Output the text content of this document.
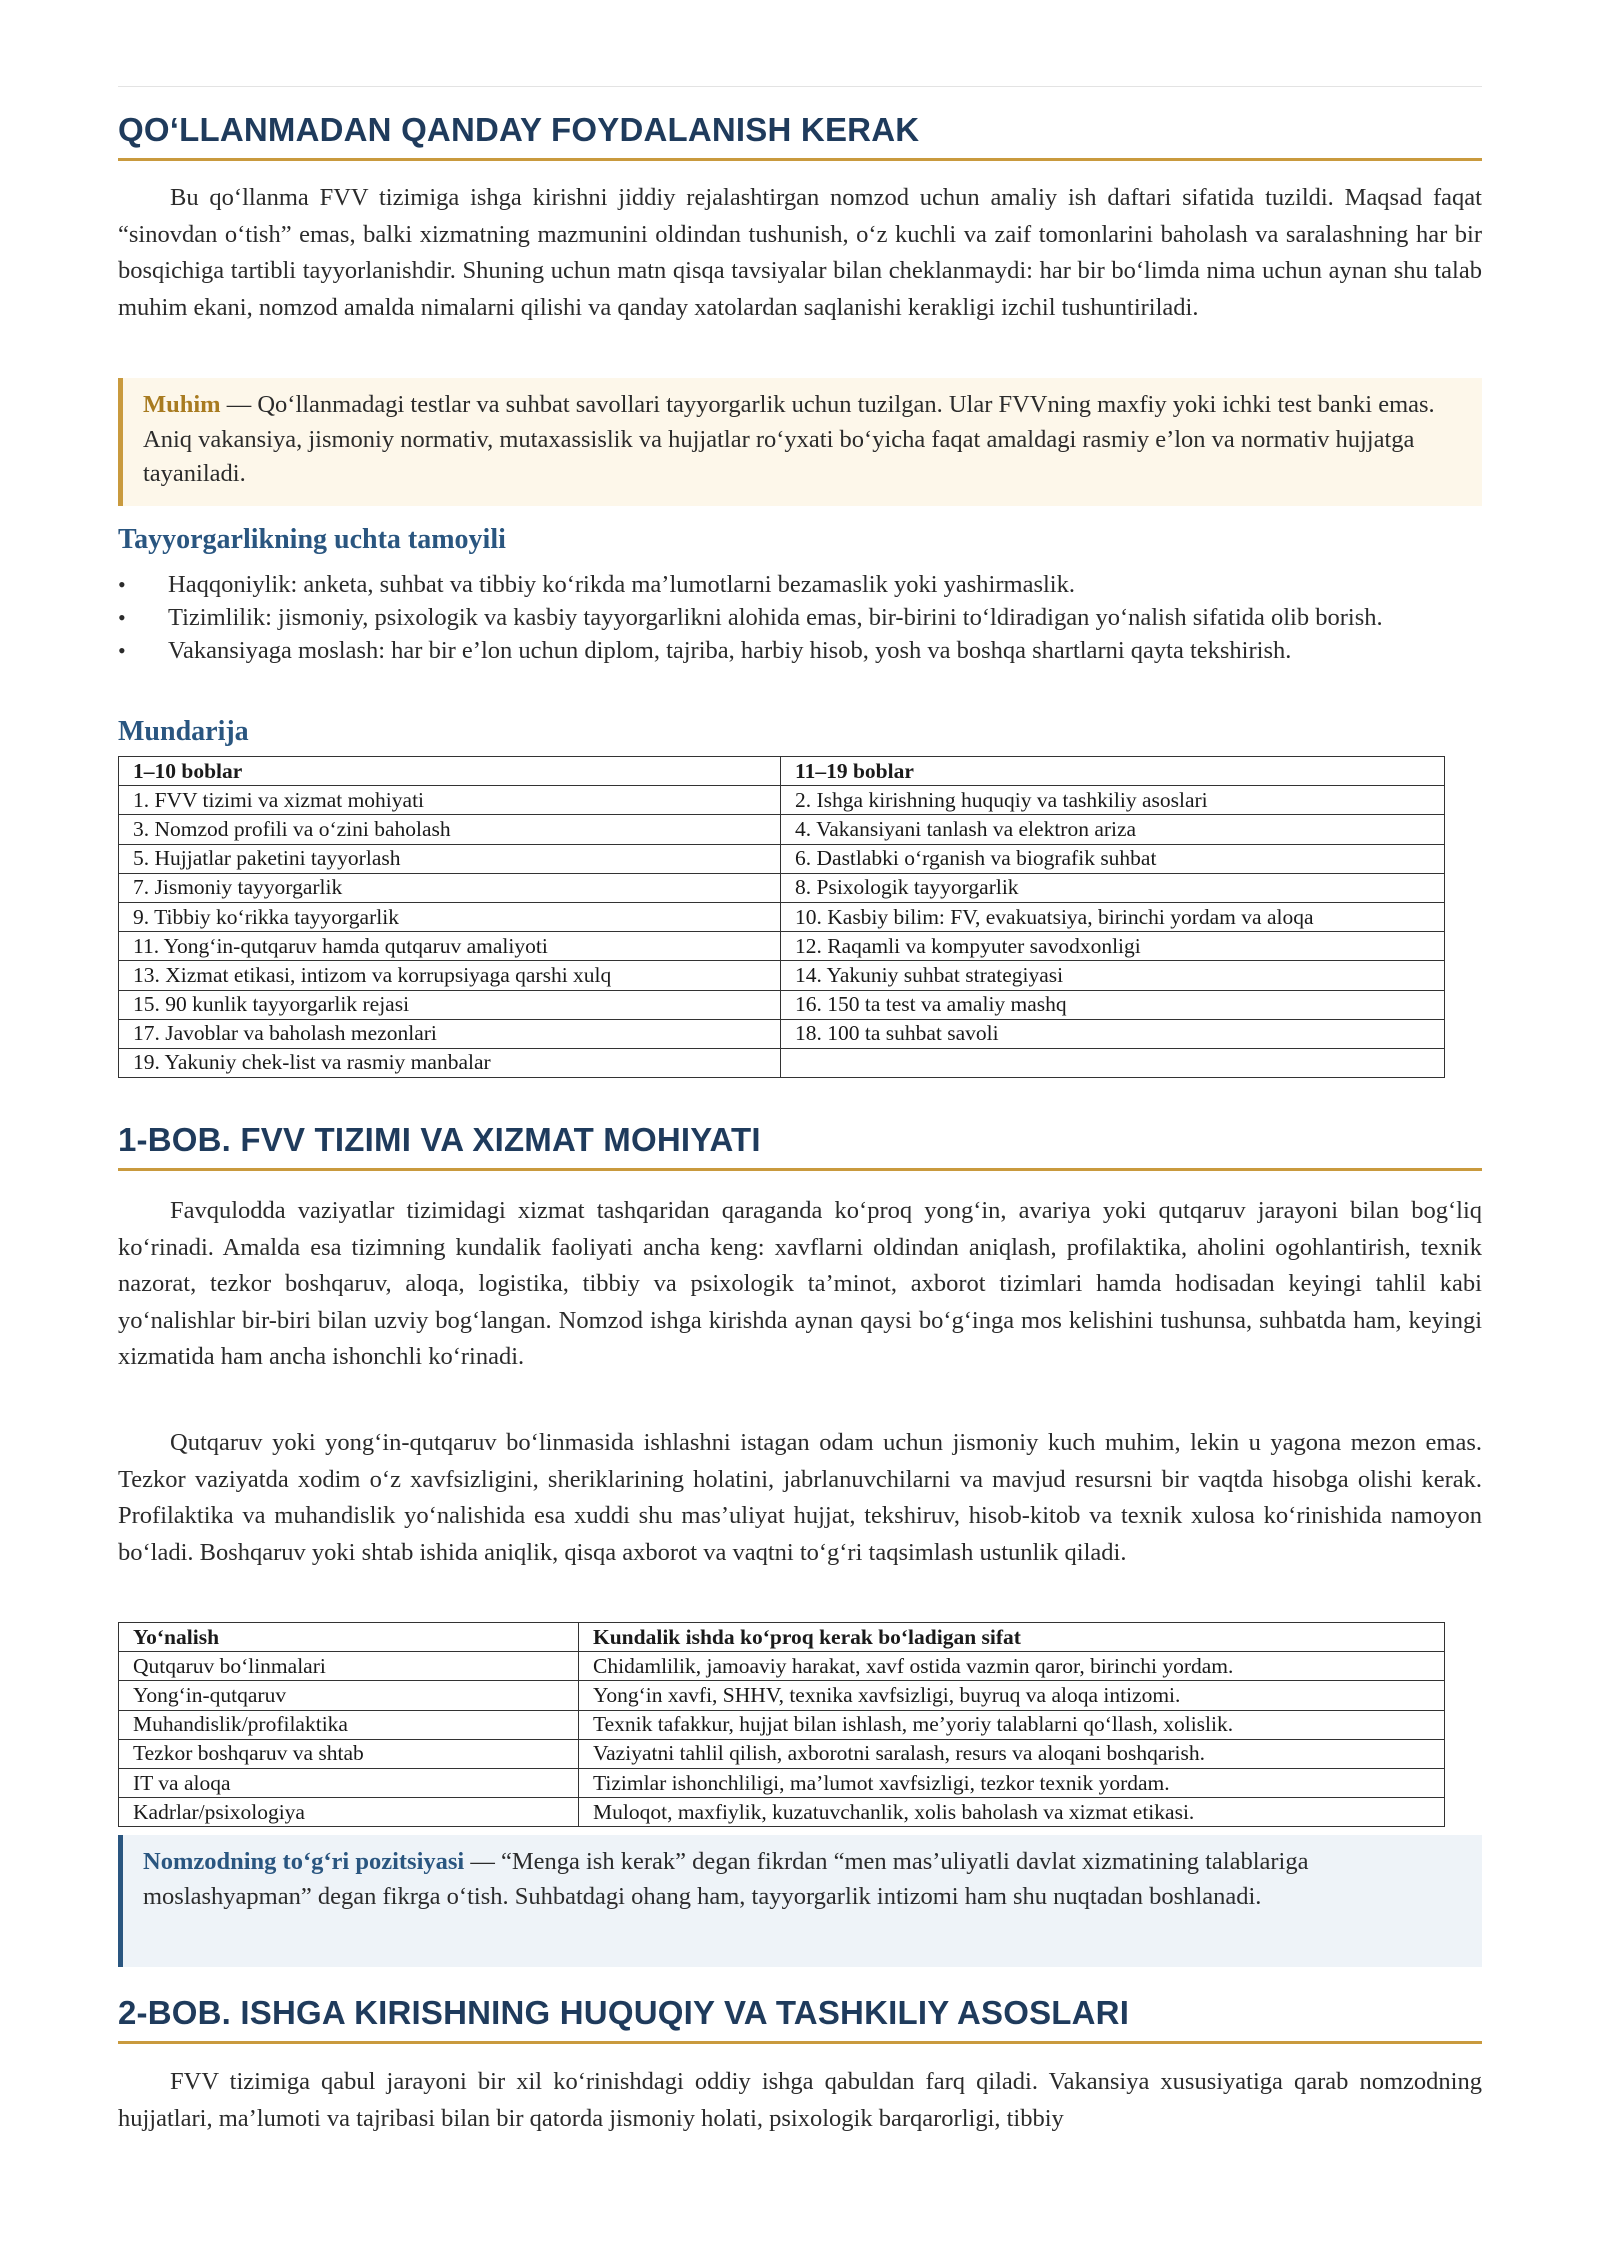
QO‘LLANMADAN QANDAY FOYDALANISH KERAK

Bu qo‘llanma FVV tizimiga ishga kirishni jiddiy rejalashtirgan nomzod uchun amaliy ish daftari sifatida tuzildi. Maqsad faqat “sinovdan o‘tish” emas, balki xizmatning mazmunini oldindan tushunish, o‘z kuchli va zaif tomonlarini baholash va saralashning har bir bosqichiga tartibli tayyorlanishdir. Shuning uchun matn qisqa tavsiyalar bilan cheklanmaydi: har bir bo‘limda nima uchun aynan shu talab muhim ekani, nomzod amalda nimalarni qilishi va qanday xatolardan saqlanishi kerakligi izchil tushuntiriladi.

Muhim — Qo‘llanmadagi testlar va suhbat savollari tayyorgarlik uchun tuzilgan. Ular FVVning maxfiy yoki ichki test banki emas. Aniq vakansiya, jismoniy normativ, mutaxassislik va hujjatlar ro‘yxati bo‘yicha faqat amaldagi rasmiy e’lon va normativ hujjatga tayaniladi.
Tayyorgarlikning uchta tamoyili
•	Haqqoniylik: anketa, suhbat va tibbiy ko‘rikda ma’lumotlarni bezamaslik yoki yashirmaslik.
•	Tizimlilik: jismoniy, psixologik va kasbiy tayyorgarlikni alohida emas, bir-birini to‘ldiradigan yo‘nalish sifatida olib borish.
•	Vakansiyaga moslash: har bir e’lon uchun diplom, tajriba, harbiy hisob, yosh va boshqa shartlarni qayta tekshirish.
Mundarija
1–10 boblar	11–19 boblar
1. FVV tizimi va xizmat mohiyati	2. Ishga kirishning huquqiy va tashkiliy asoslari
3. Nomzod profili va o‘zini baholash	4. Vakansiyani tanlash va elektron ariza
5. Hujjatlar paketini tayyorlash	6. Dastlabki o‘rganish va biografik suhbat
7. Jismoniy tayyorgarlik	8. Psixologik tayyorgarlik
9. Tibbiy ko‘rikka tayyorgarlik	10. Kasbiy bilim: FV, evakuatsiya, birinchi yordam va aloqa
11. Yong‘in-qutqaruv hamda qutqaruv amaliyoti	12. Raqamli va kompyuter savodxonligi
13. Xizmat etikasi, intizom va korrupsiyaga qarshi xulq	14. Yakuniy suhbat strategiyasi
15. 90 kunlik tayyorgarlik rejasi	16. 150 ta test va amaliy mashq
17. Javoblar va baholash mezonlari	18. 100 ta suhbat savoli
19. Yakuniy chek-list va rasmiy manbalar	
1-BOB. FVV TIZIMI VA XIZMAT MOHIYATI

Favqulodda vaziyatlar tizimidagi xizmat tashqaridan qaraganda ko‘proq yong‘in, avariya yoki qutqaruv jarayoni bilan bog‘liq ko‘rinadi. Amalda esa tizimning kundalik faoliyati ancha keng: xavflarni oldindan aniqlash, profilaktika, aholini ogohlantirish, texnik nazorat, tezkor boshqaruv, aloqa, logistika, tibbiy va psixologik ta’minot, axborot tizimlari hamda hodisadan keyingi tahlil kabi yo‘nalishlar bir-biri bilan uzviy bog‘langan. Nomzod ishga kirishda aynan qaysi bo‘g‘inga mos kelishini tushunsa, suhbatda ham, keyingi xizmatida ham ancha ishonchli ko‘rinadi.

Qutqaruv yoki yong‘in-qutqaruv bo‘linmasida ishlashni istagan odam uchun jismoniy kuch muhim, lekin u yagona mezon emas. Tezkor vaziyatda xodim o‘z xavfsizligini, sheriklarining holatini, jabrlanuvchilarni va mavjud resursni bir vaqtda hisobga olishi kerak. Profilaktika va muhandislik yo‘nalishida esa xuddi shu mas’uliyat hujjat, tekshiruv, hisob-kitob va texnik xulosa ko‘rinishida namoyon bo‘ladi. Boshqaruv yoki shtab ishida aniqlik, qisqa axborot va vaqtni to‘g‘ri taqsimlash ustunlik qiladi.

Yo‘nalish	Kundalik ishda ko‘proq kerak bo‘ladigan sifat
Qutqaruv bo‘linmalari	Chidamlilik, jamoaviy harakat, xavf ostida vazmin qaror, birinchi yordam.
Yong‘in-qutqaruv	Yong‘in xavfi, SHHV, texnika xavfsizligi, buyruq va aloqa intizomi.
Muhandislik/profilaktika	Texnik tafakkur, hujjat bilan ishlash, me’yoriy talablarni qo‘llash, xolislik.
Tezkor boshqaruv va shtab	Vaziyatni tahlil qilish, axborotni saralash, resurs va aloqani boshqarish.
IT va aloqa	Tizimlar ishonchliligi, ma’lumot xavfsizligi, tezkor texnik yordam.
Kadrlar/psixologiya	Muloqot, maxfiylik, kuzatuvchanlik, xolis baholash va xizmat etikasi.
Nomzodning to‘g‘ri pozitsiyasi — “Menga ish kerak” degan fikrdan “men mas’uliyatli davlat xizmatining talablariga moslashyapman” degan fikrga o‘tish. Suhbatdagi ohang ham, tayyorgarlik intizomi ham shu nuqtadan boshlanadi.
2-BOB. ISHGA KIRISHNING HUQUQIY VA TASHKILIY ASOSLARI

FVV tizimiga qabul jarayoni bir xil ko‘rinishdagi oddiy ishga qabuldan farq qiladi. Vakansiya xususiyatiga qarab nomzodning hujjatlari, ma’lumoti va tajribasi bilan bir qatorda jismoniy holati, psixologik barqarorligi, tibbiy
